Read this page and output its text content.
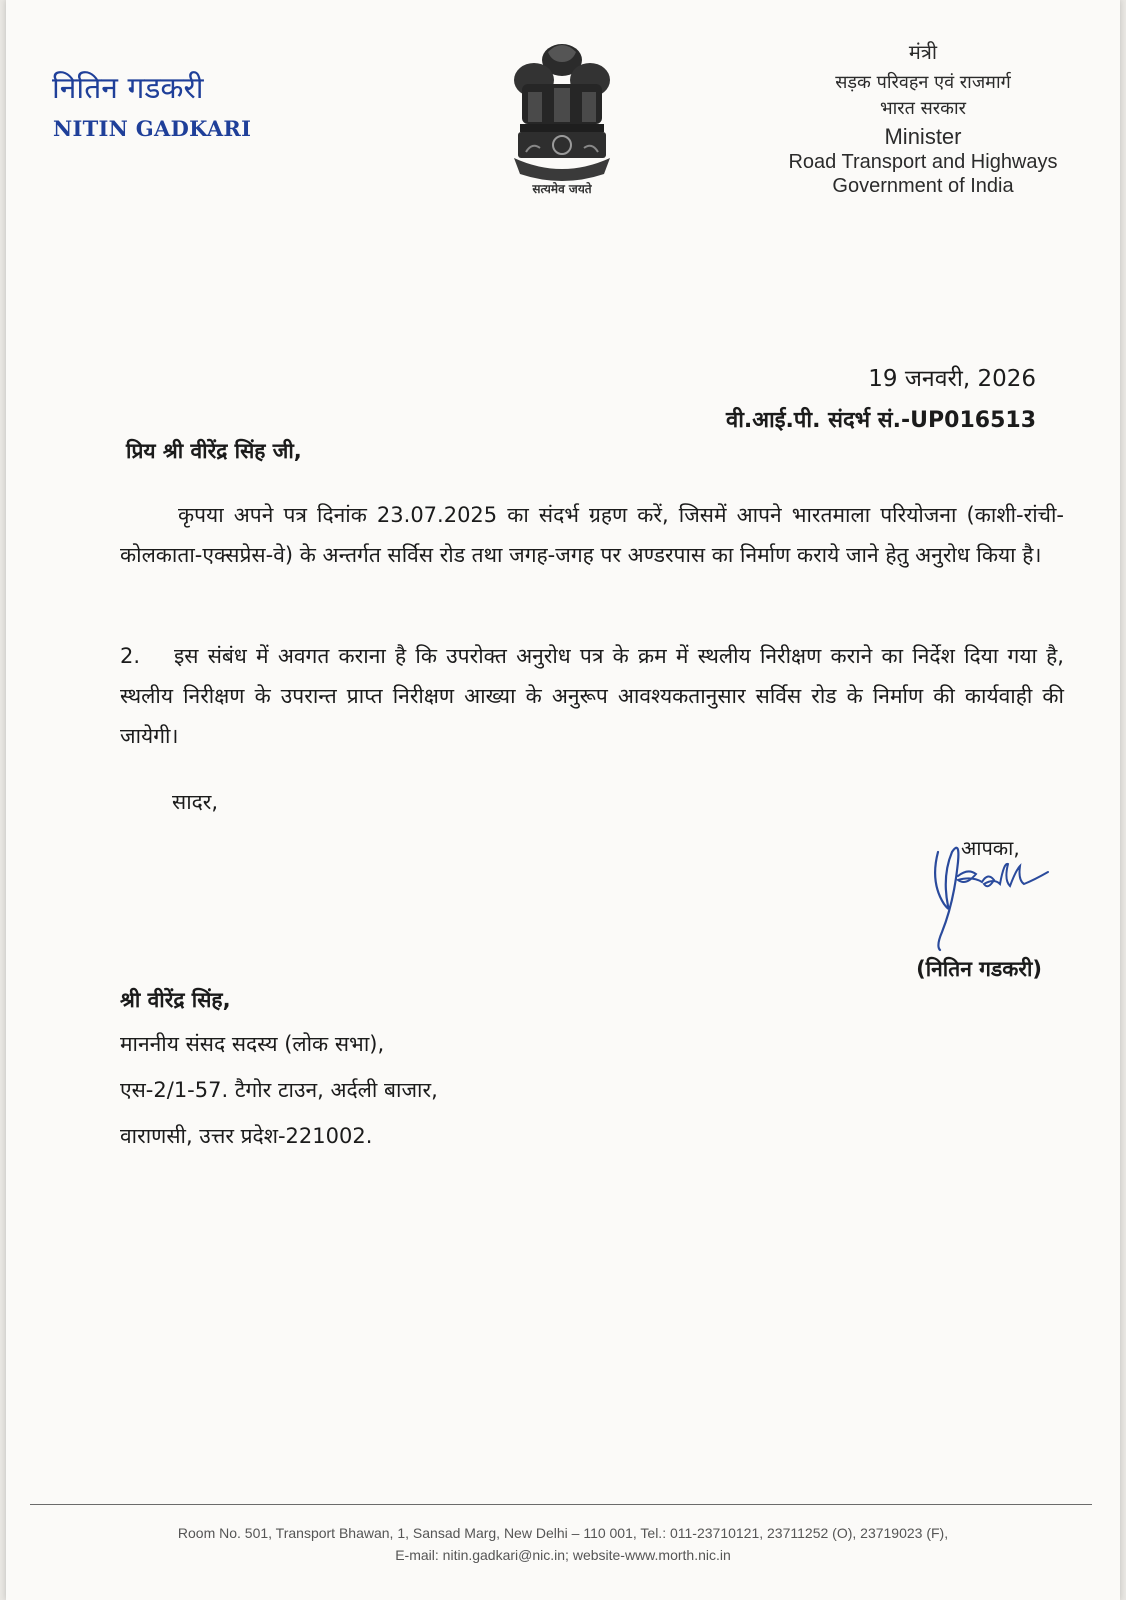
नितिन गडकरी
NITIN GADKARI
सत्यमेव जयते
मंत्री
सड़क परिवहन एवं राजमार्ग
भारत सरकार
Minister
Road Transport and Highways
Government of India
19 जनवरी, 2026
वी.आई.पी. संदर्भ सं.-UP016513
प्रिय श्री वीरेंद्र सिंह जी,

कृपया अपने पत्र दिनांक 23.07.2025 का संदर्भ ग्रहण करें, जिसमें आपने भारतमाला परियोजना (काशी-रांची-कोलकाता-एक्सप्रेस-वे) के अन्तर्गत सर्विस रोड तथा जगह-जगह पर अण्डरपास का निर्माण कराये जाने हेतु अनुरोध किया है।

2. इस संबंध में अवगत कराना है कि उपरोक्त अनुरोध पत्र के क्रम में स्थलीय निरीक्षण कराने का निर्देश दिया गया है, स्थलीय निरीक्षण के उपरान्त प्राप्त निरीक्षण आख्या के अनुरूप आवश्यकतानुसार सर्विस रोड के निर्माण की कार्यवाही की जायेगी।

सादर,
आपका,
(नितिन गडकरी)
श्री वीरेंद्र सिंह,
माननीय संसद सदस्य (लोक सभा),
एस-2/1-57. टैगोर टाउन, अर्दली बाजार,
वाराणसी, उत्तर प्रदेश-221002.
Room No. 501, Transport Bhawan, 1, Sansad Marg, New Delhi – 110 001, Tel.: 011-23710121, 23711252 (O), 23719023 (F),
E-mail: nitin.gadkari@nic.in; website-www.morth.nic.in
